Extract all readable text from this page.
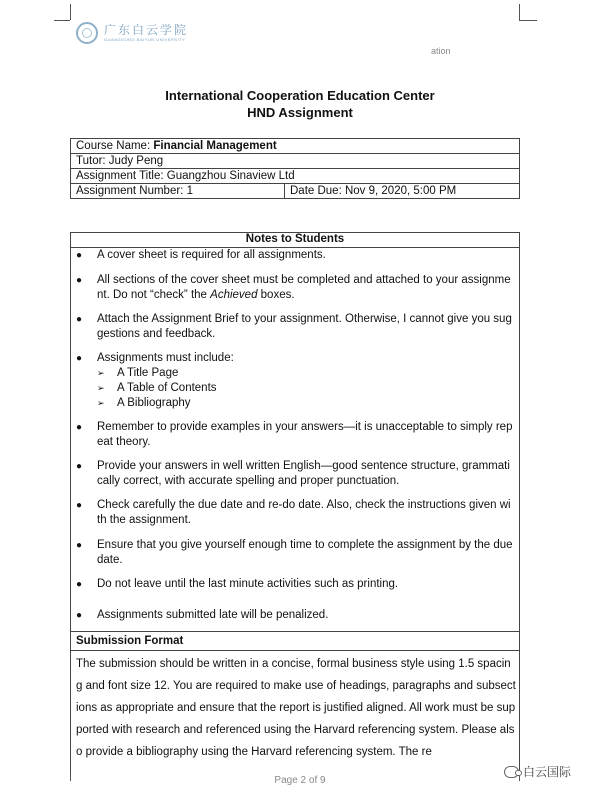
广东白云学院
GUANGDONG BAIYUN UNIVERSITY
ation
International Cooperation Education Center
HND Assignment
Course Name: Financial Management
Tutor: Judy Peng
Assignment Title: Guangzhou Sinaview Ltd
Assignment Number: 1	Date Due: Nov 9, 2020, 5:00 PM
Notes to Students
● A cover sheet is required for all assignments.
● All sections of the cover sheet must be completed and attached to your assignment. Do not “check” the Achieved boxes.
● Attach the Assignment Brief to your assignment. Otherwise, I cannot give you suggestions and feedback.
● Assignments must include:
➢	A Title Page
➢	A Table of Contents
➢	A Bibliography
● Remember to provide examples in your answers—it is unacceptable to simply repeat theory.
● Provide your answers in well written English—good sentence structure, grammatically correct, with accurate spelling and proper punctuation.
● Check carefully the due date and re-do date. Also, check the instructions given with the assignment.
● Ensure that you give yourself enough time to complete the assignment by the due date.
● Do not leave until the last minute activities such as printing.
● Assignments submitted late will be penalized.
Submission Format
The submission should be written in a concise, formal business style using 1.5 spacing and font size 12. You are required to make use of headings, paragraphs and subsections as appropriate and ensure that the report is justified aligned. All work must be supported with research and referenced using the Harvard referencing system. Please also provide a bibliography using the Harvard referencing system. The re
Page 2 of 9
白云国际
